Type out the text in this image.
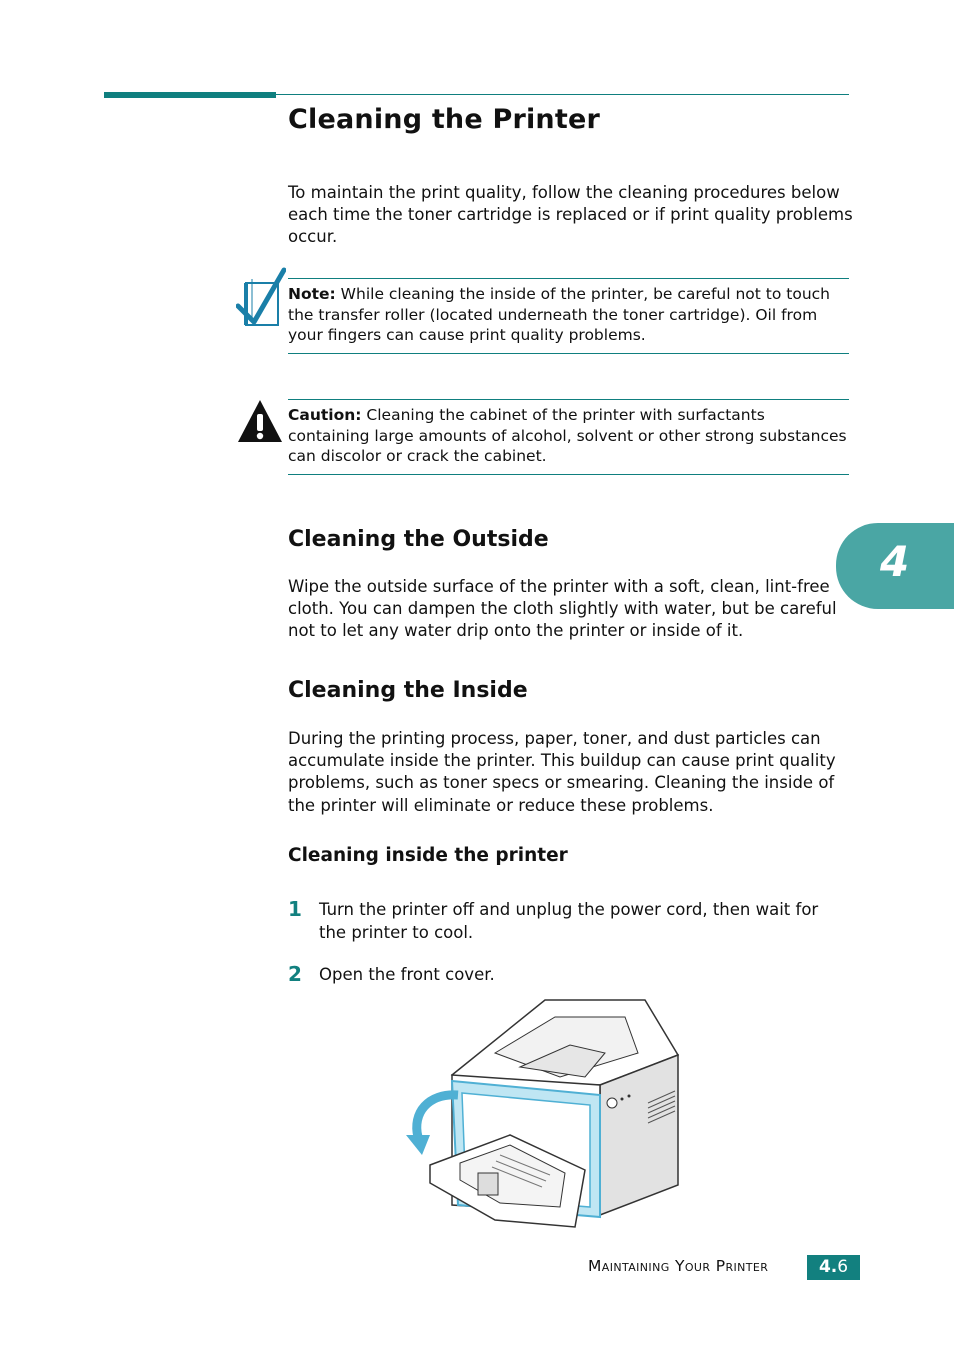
Cleaning the Printer

To maintain the print quality, follow the cleaning procedures below each time the toner cartridge is replaced or if print quality problems occur.

Note: While cleaning the inside of the printer, be careful not to touch the transfer roller (located underneath the toner cartridge). Oil from your fingers can cause print quality problems.

Caution: Cleaning the cabinet of the printer with surfactants containing large amounts of alcohol, solvent or other strong substances can discolor or crack the cabinet.

Cleaning the Outside

Wipe the outside surface of the printer with a soft, clean, lint-free cloth. You can dampen the cloth slightly with water, but be careful not to let any water drip onto the printer or inside of it.

Cleaning the Inside

During the printing process, paper, toner, and dust particles can accumulate inside the printer. This buildup can cause print quality problems, such as toner specs or smearing. Cleaning the inside of the printer will eliminate or reduce these problems.

Cleaning inside the printer
1 Turn the printer off and unplug the power cord, then wait for the printer to cool.

2 Open the front cover.

4
Maintaining Your Printer	4.6
